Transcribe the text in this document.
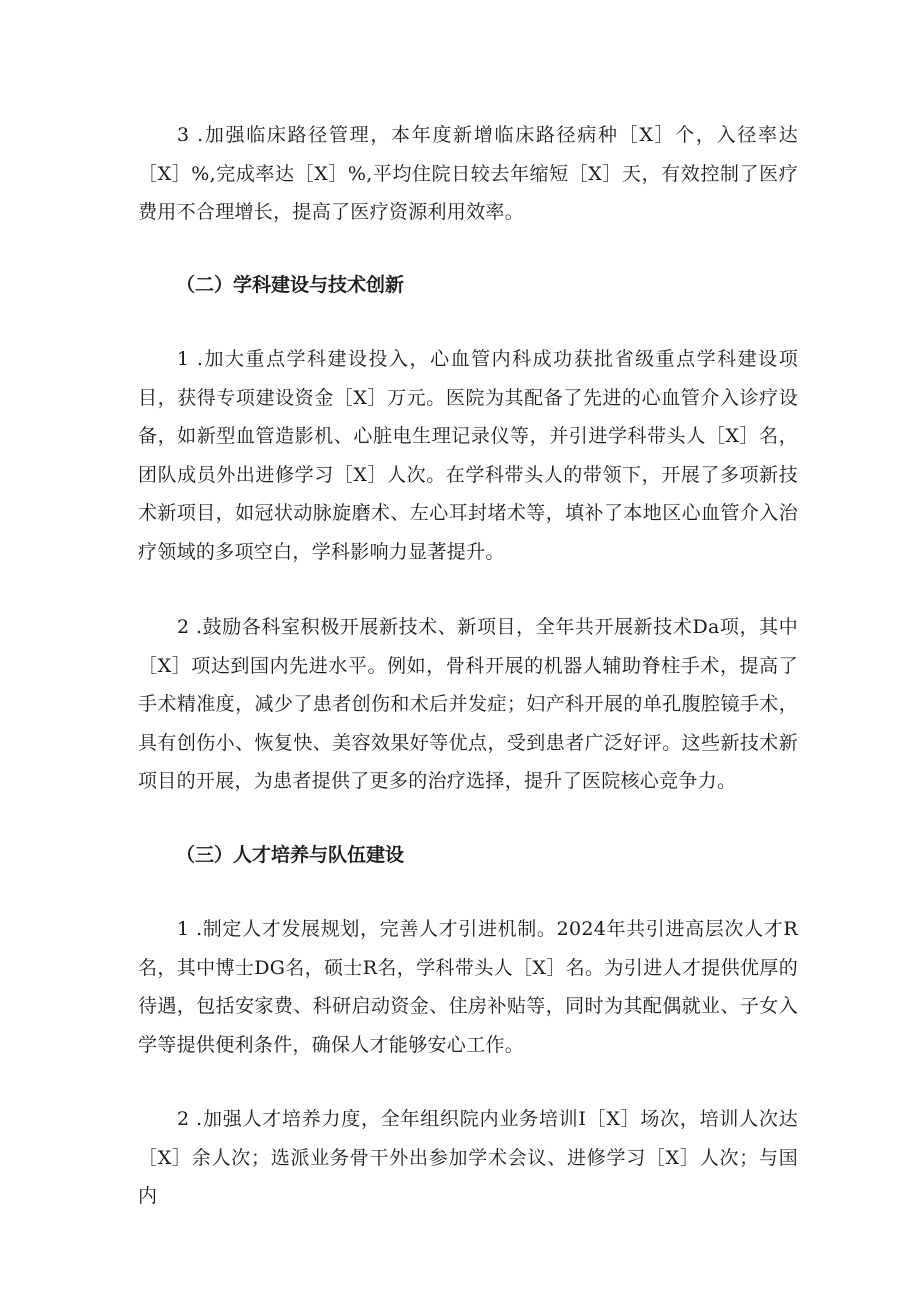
3 .加强临床路径管理，本年度新增临床路径病种［X］个，入径率达［X］%,完成率达［X］%,平均住院日较去年缩短［X］天，有效控制了医疗费用不合理增长，提高了医疗资源利用效率。

（二）学科建设与技术创新

1 .加大重点学科建设投入，心血管内科成功获批省级重点学科建设项目，获得专项建设资金［X］万元。医院为其配备了先进的心血管介入诊疗设备，如新型血管造影机、心脏电生理记录仪等，并引进学科带头人［X］名，团队成员外出进修学习［X］人次。在学科带头人的带领下，开展了多项新技术新项目，如冠状动脉旋磨术、左心耳封堵术等，填补了本地区心血管介入治疗领域的多项空白，学科影响力显著提升。

2 .鼓励各科室积极开展新技术、新项目，全年共开展新技术Da项，其中［X］项达到国内先进水平。例如，骨科开展的机器人辅助脊柱手术，提高了手术精准度，减少了患者创伤和术后并发症；妇产科开展的单孔腹腔镜手术，具有创伤小、恢复快、美容效果好等优点，受到患者广泛好评。这些新技术新项目的开展，为患者提供了更多的治疗选择，提升了医院核心竞争力。

（三）人才培养与队伍建设

1 .制定人才发展规划，完善人才引进机制。2024年共引进高层次人才R名，其中博士DG名，硕士R名，学科带头人［X］名。为引进人才提供优厚的待遇，包括安家费、科研启动资金、住房补贴等，同时为其配偶就业、子女入学等提供便利条件，确保人才能够安心工作。

2 .加强人才培养力度，全年组织院内业务培训I［X］场次，培训人次达［X］余人次；选派业务骨干外出参加学术会议、进修学习［X］人次；与国内
